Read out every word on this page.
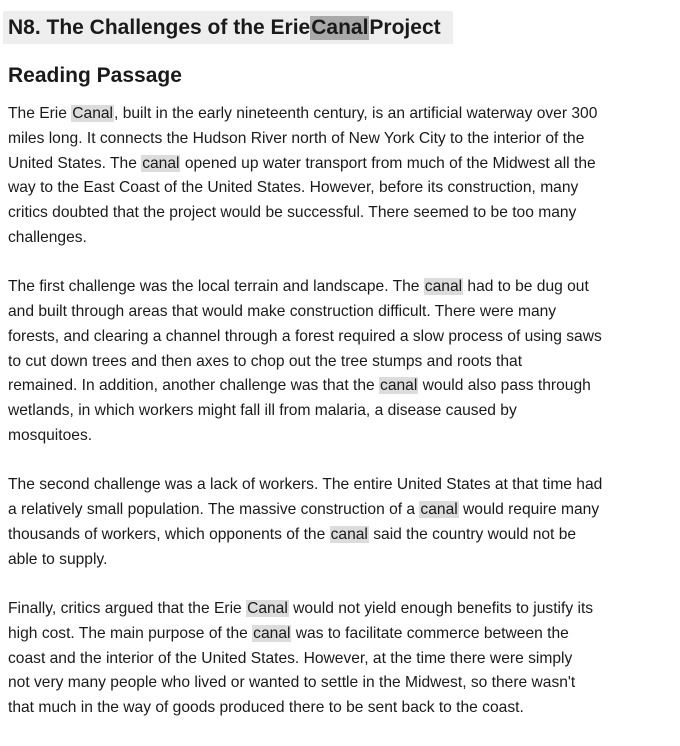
N8. The Challenges of the Erie Canal Project
Reading Passage

The Erie Canal, built in the early nineteenth century, is an artificial waterway over 300
miles long. It connects the Hudson River north of New York City to the interior of the
United States. The canal opened up water transport from much of the Midwest all the
way to the East Coast of the United States. However, before its construction, many
critics doubted that the project would be successful. There seemed to be too many
challenges.

The first challenge was the local terrain and landscape. The canal had to be dug out
and built through areas that would make construction difficult. There were many
forests, and clearing a channel through a forest required a slow process of using saws
to cut down trees and then axes to chop out the tree stumps and roots that
remained. In addition, another challenge was that the canal would also pass through
wetlands, in which workers might fall ill from malaria, a disease caused by
mosquitoes.

The second challenge was a lack of workers. The entire United States at that time had
a relatively small population. The massive construction of a canal would require many
thousands of workers, which opponents of the canal said the country would not be
able to supply.

Finally, critics argued that the Erie Canal would not yield enough benefits to justify its
high cost. The main purpose of the canal was to facilitate commerce between the
coast and the interior of the United States. However, at the time there were simply
not very many people who lived or wanted to settle in the Midwest, so there wasn't
that much in the way of goods produced there to be sent back to the coast.
